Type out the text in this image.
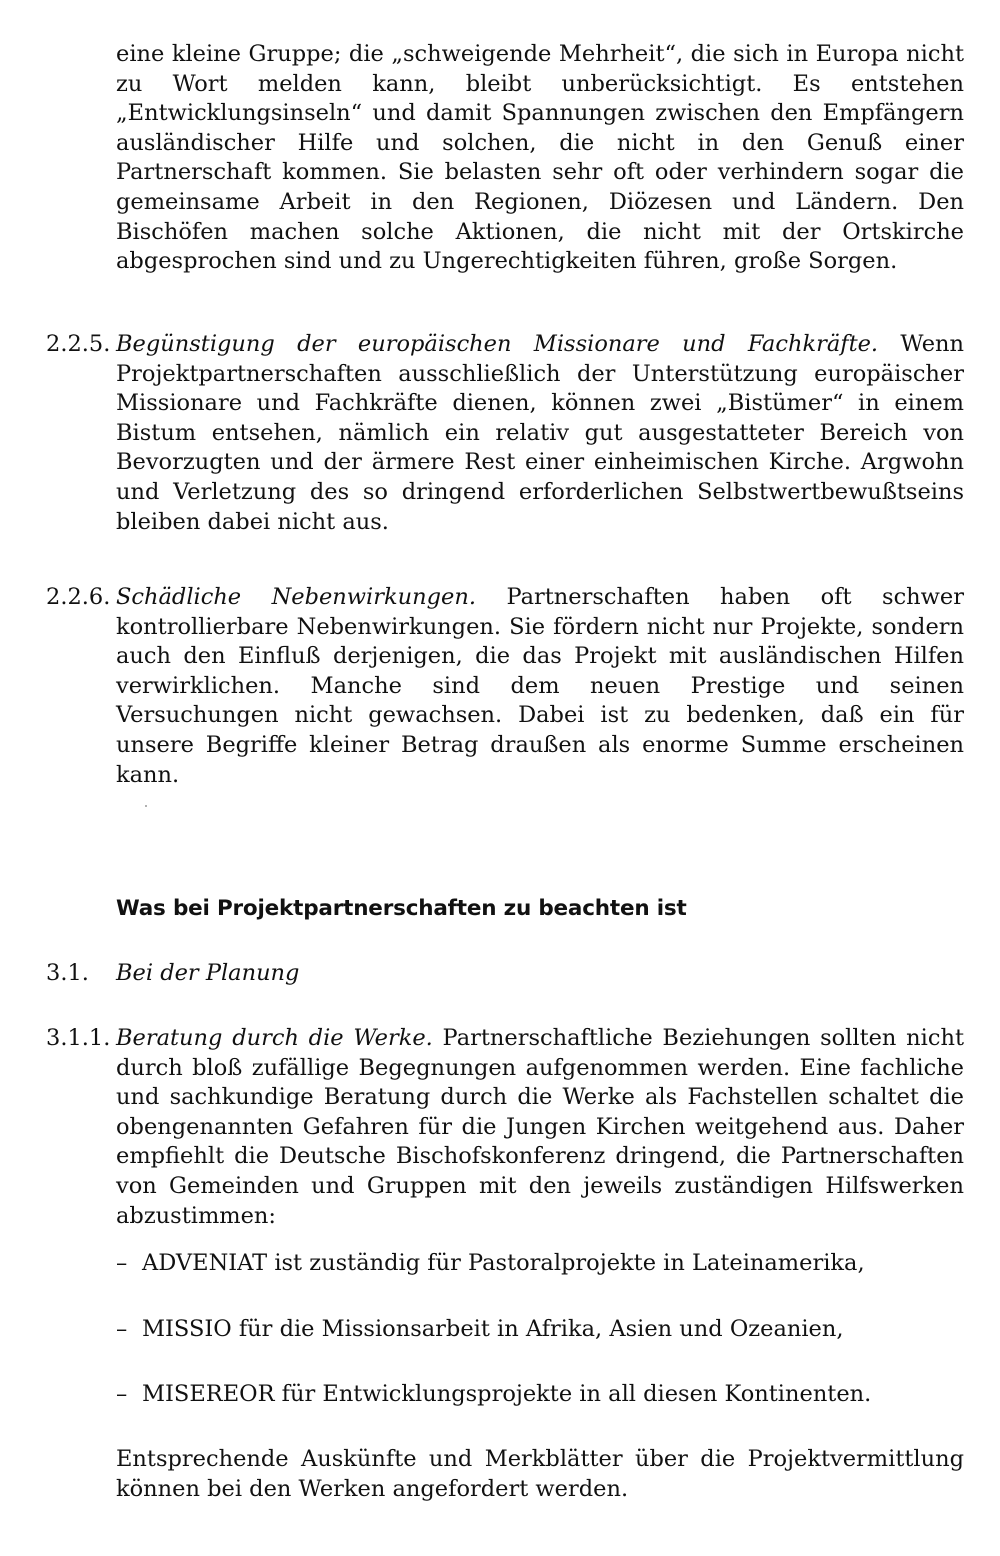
eine kleine Gruppe; die „schweigende Mehrheit“, die sich in Europa nicht zu Wort melden kann, bleibt unberücksichtigt. Es entstehen „Entwicklungsinseln“ und damit Spannungen zwischen den Empfängern ausländischer Hilfe und solchen, die nicht in den Genuß einer Partnerschaft kommen. Sie belasten sehr oft oder verhindern sogar die gemeinsame Arbeit in den Regionen, Diözesen und Ländern. Den Bischöfen machen solche Aktionen, die nicht mit der Ortskirche abgesprochen sind und zu Ungerechtigkeiten führen, große Sorgen.

2.2.5. Begünstigung der europäischen Missionare und Fachkräfte. Wenn Projektpartnerschaften ausschließlich der Unterstützung europäischer Missionare und Fachkräfte dienen, können zwei „Bistümer“ in einem Bistum entsehen, nämlich ein relativ gut ausgestatteter Bereich von Bevorzugten und der ärmere Rest einer einheimischen Kirche. Argwohn und Verletzung des so dringend erforderlichen Selbstwertbewußtseins bleiben dabei nicht aus.

2.2.6. Schädliche Nebenwirkungen. Partnerschaften haben oft schwer kontrollierbare Nebenwirkungen. Sie fördern nicht nur Projekte, sondern auch den Einfluß derjenigen, die das Projekt mit ausländischen Hilfen verwirklichen. Manche sind dem neuen Prestige und seinen Versuchungen nicht gewachsen. Dabei ist zu bedenken, daß ein für unsere Begriffe kleiner Betrag draußen als enorme Summe erscheinen kann.

Was bei Projektpartnerschaften zu beachten ist
3.1. Bei der Planung

3.1.1. Beratung durch die Werke. Partnerschaftliche Beziehungen sollten nicht durch bloß zufällige Begegnungen aufgenommen werden. Eine fachliche und sachkundige Beratung durch die Werke als Fachstellen schaltet die obengenannten Gefahren für die Jungen Kirchen weitgehend aus. Daher empfiehlt die Deutsche Bischofskonferenz dringend, die Partnerschaften von Gemeinden und Gruppen mit den jeweils zuständigen Hilfswerken abzustimmen:

– ADVENIAT ist zuständig für Pastoralprojekte in Lateinamerika,
– MISSIO für die Missionsarbeit in Afrika, Asien und Ozeanien,
– MISEREOR für Entwicklungsprojekte in all diesen Kontinenten.

Entsprechende Auskünfte und Merkblätter über die Projektvermittlung können bei den Werken angefordert werden.
